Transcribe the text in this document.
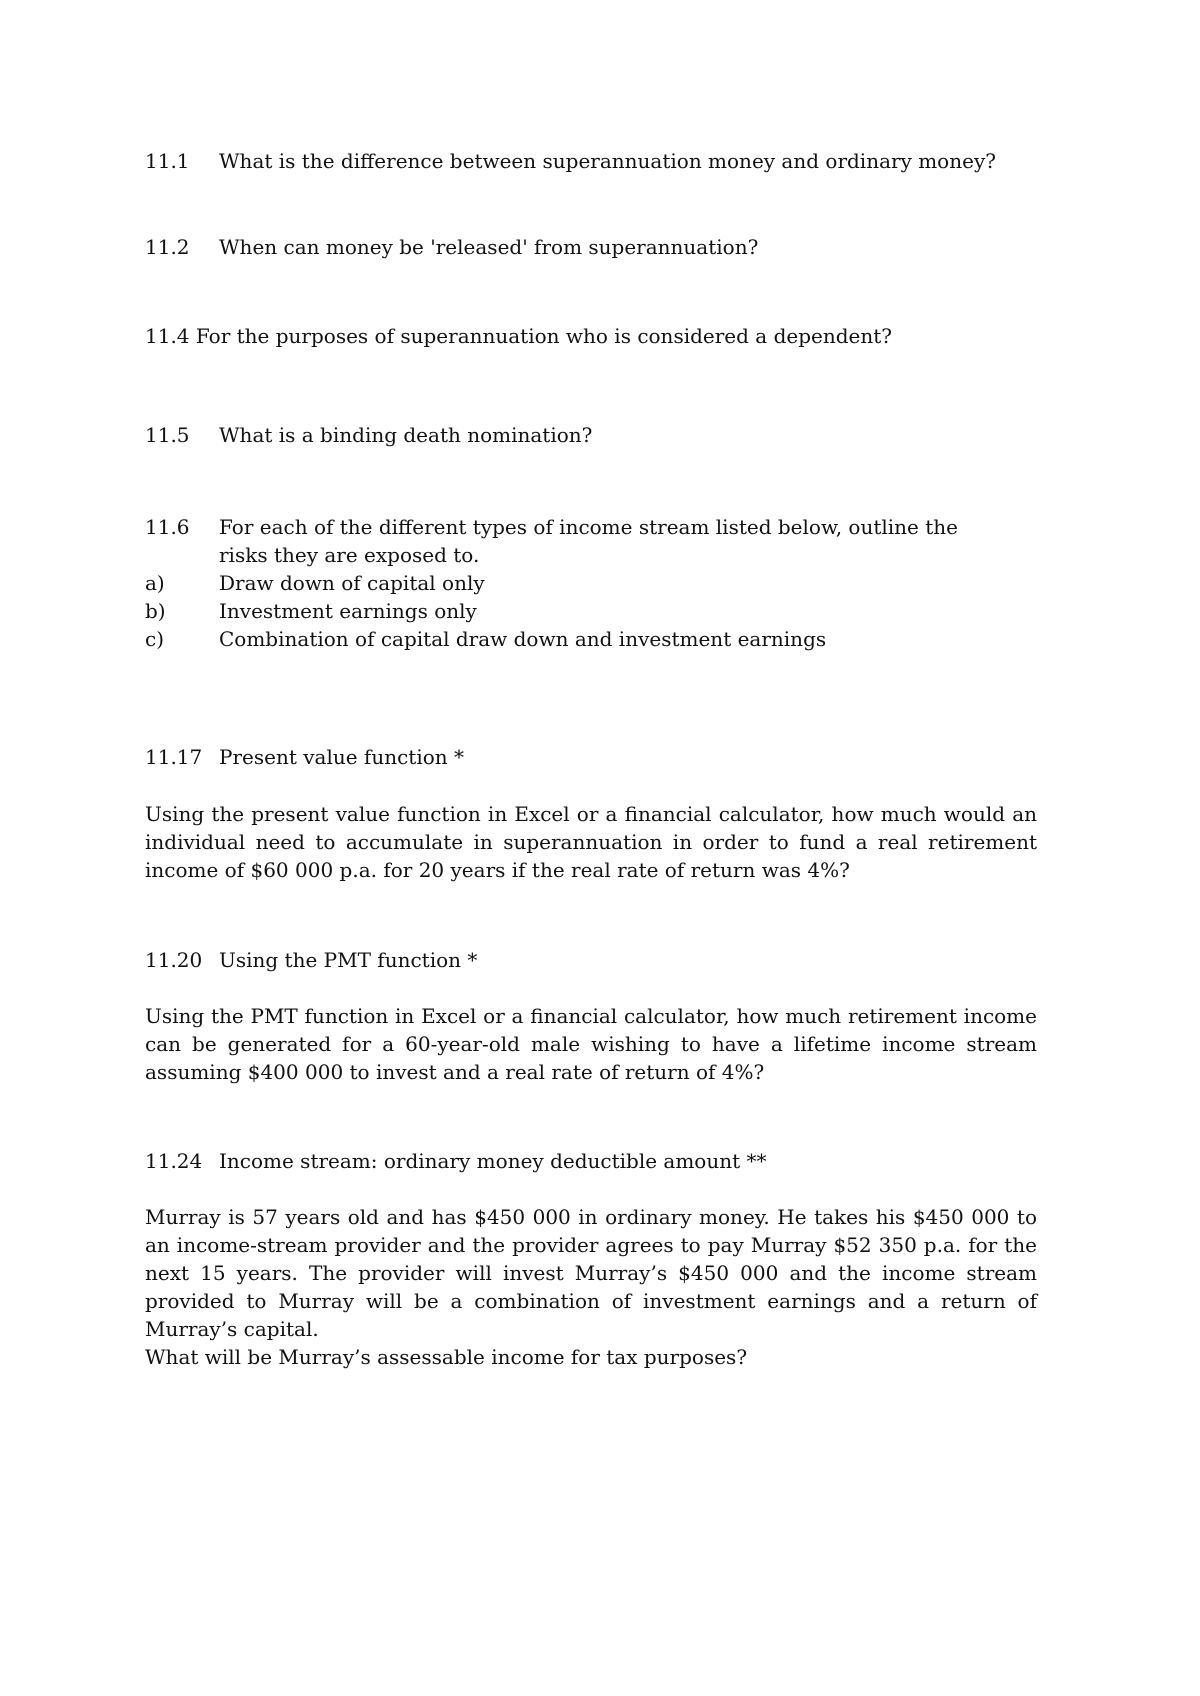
11.1 What is the difference between superannuation money and ordinary money?
11.2 When can money be 'released' from superannuation?
11.4 For the purposes of superannuation who is considered a dependent?
11.5 What is a binding death nomination?
11.6 For each of the different types of income stream listed below, outline the
risks they are exposed to.
a)	Draw down of capital only
b)	Investment earnings only
c)	Combination of capital draw down and investment earnings
11.17 Present value function *
Using the present value function in Excel or a financial calculator, how much would an individual need to accumulate in superannuation in order to fund a real retirement income of $60 000 p.a. for 20 years if the real rate of return was 4%?
11.20 Using the PMT function *
Using the PMT function in Excel or a financial calculator, how much retirement income can be generated for a 60-year-old male wishing to have a lifetime income stream assuming $400 000 to invest and a real rate of return of 4%?
11.24 Income stream: ordinary money deductible amount **
Murray is 57 years old and has $450 000 in ordinary money. He takes his $450 000 to an income-stream provider and the provider agrees to pay Murray $52 350 p.a. for the next 15 years. The provider will invest Murray’s $450 000 and the income stream provided to Murray will be a combination of investment earnings and a return of Murray’s capital.
What will be Murray’s assessable income for tax purposes?
